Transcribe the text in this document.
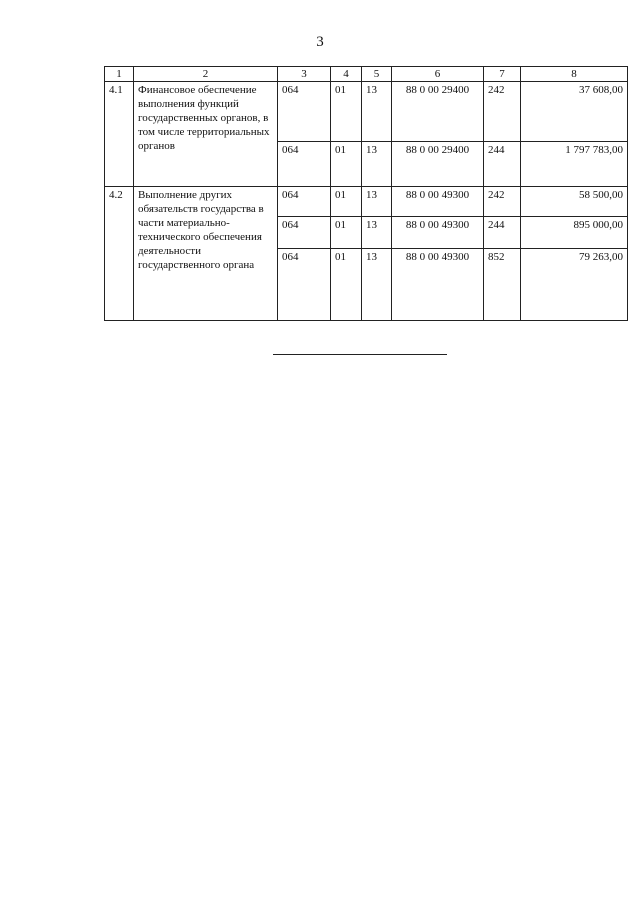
3
1	2	3	4	5	6	7	8
4.1	Финансовое обеспечение выполнения функций государственных органов, в том числе территориальных органов	064	01	13	88 0 00 29400	242	37 608,00
		064	01	13	88 0 00 29400	244	1 797 783,00
4.2	Выполнение других обязательств государства в части материально-технического обеспечения деятельности государственного органа	064	01	13	88 0 00 49300	242	58 500,00
		064	01	13	88 0 00 49300	244	895 000,00
		064	01	13	88 0 00 49300	852	79 263,00
